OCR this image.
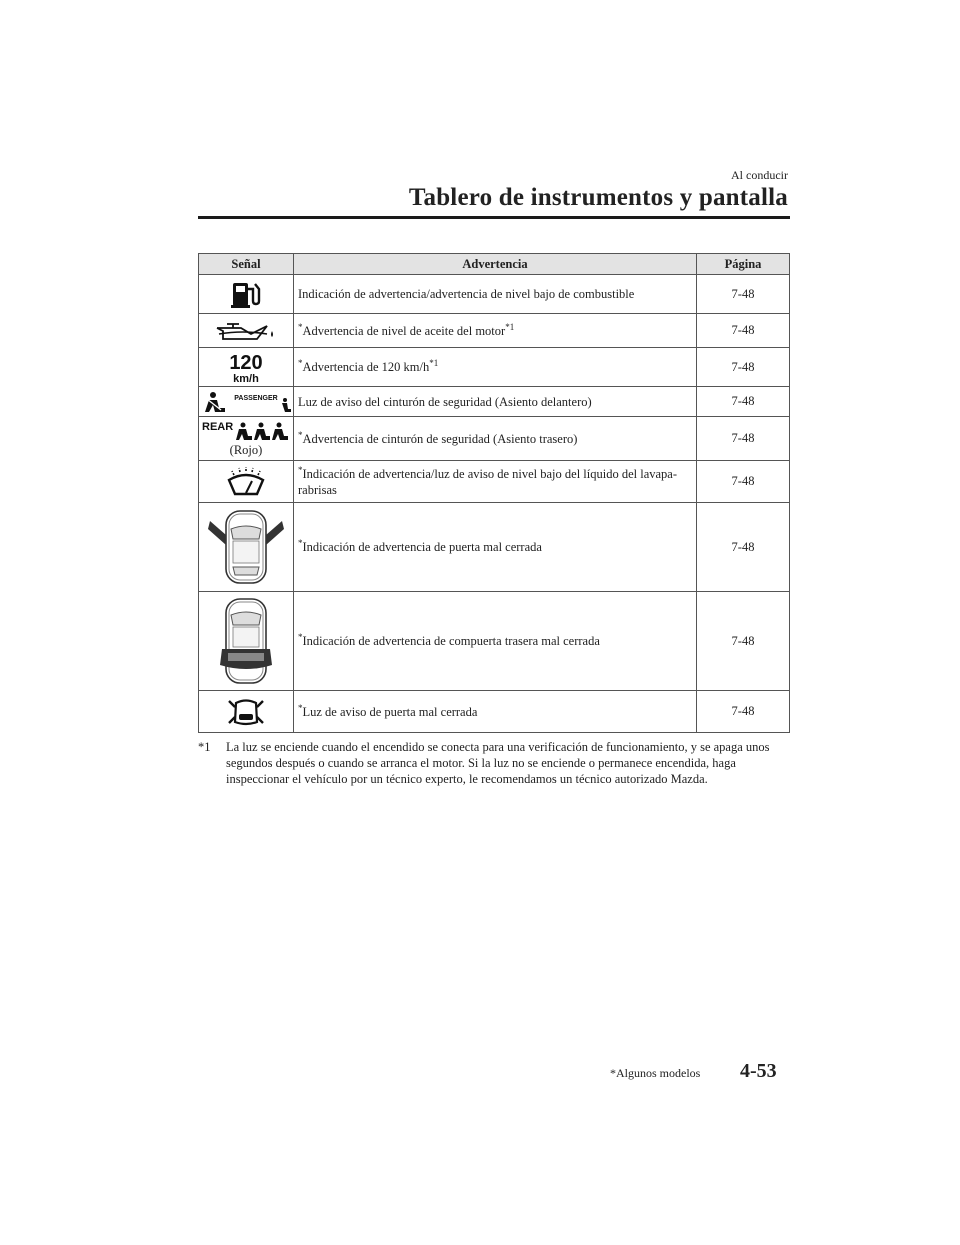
Al conducir
Tablero de instrumentos y pantalla
Señal	Advertencia	Página

	Indicación de advertencia/advertencia de nivel bajo de combustible	7-48

	*Advertencia de nivel de aceite del motor$^{*1}$	7-48

120
km/h	*Advertencia de 120 $km/h^{*1}$	7-48

PASSENGER	Luz de aviso del cinturón de seguridad (Asiento delantero)	7-48

REAR
(Rojo)	*Advertencia de cinturón de seguridad (Asiento trasero)	7-48

	*Indicación de advertencia/luz de aviso de nivel bajo del líquido del lavapa- rabrisas	7-48

	*Indicación de advertencia de puerta mal cerrada	7-48

	*Indicación de advertencia de compuerta trasera mal cerrada	7-48

	*Luz de aviso de puerta mal cerrada	7-48
*1 La luz se enciende cuando el encendido se conecta para una verificación de funcionamiento, y se apaga unos segundos después o cuando se arranca el motor. Si la luz no se enciende o permanece encendida, haga inspeccionar el vehículo por un técnico experto, le recomendamos un técnico autorizado Mazda.
*Algunos modelos 4-53
